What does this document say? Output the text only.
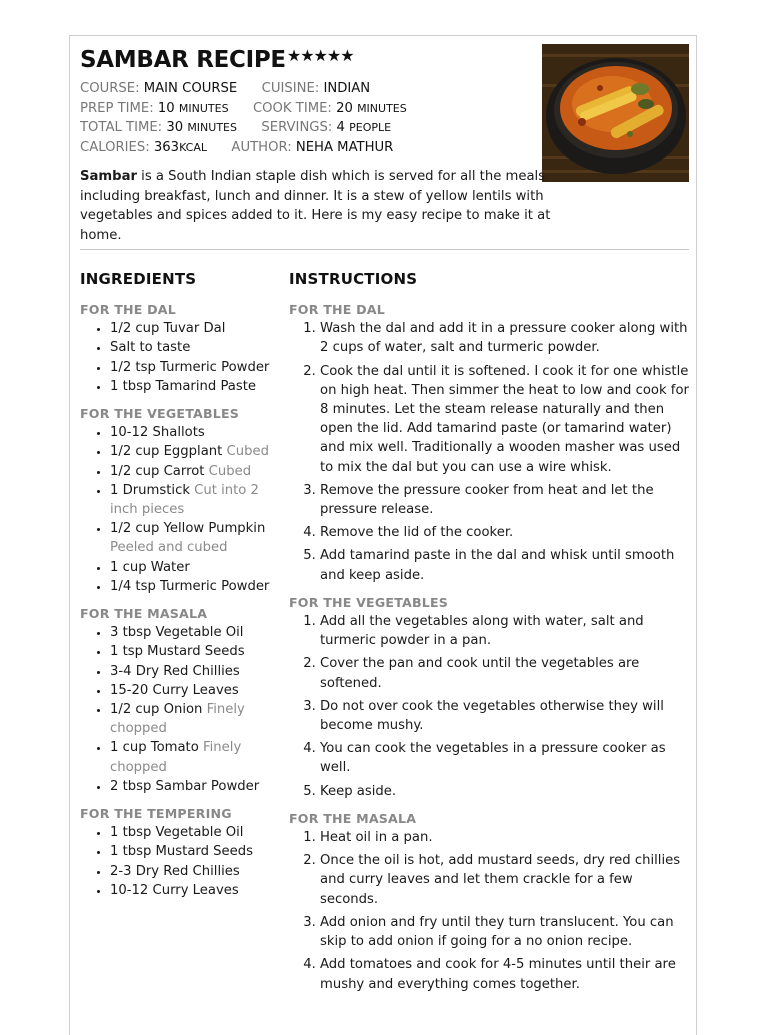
SAMBAR RECIPE★★★★★
COURSE: MAIN COURSE CUISINE: INDIAN
PREP TIME: 10 MINUTES COOK TIME: 20 MINUTES
TOTAL TIME: 30 MINUTES SERVINGS: 4 PEOPLE
CALORIES: 363KCAL AUTHOR: NEHA MATHUR
Sambar is a South Indian staple dish which is served for all the meals including breakfast, lunch and dinner. It is a stew of yellow lentils with vegetables and spices added to it. Here is my easy recipe to make it at home.
INGREDIENTS	INSTRUCTIONS
FOR THE DAL
• 1/2 cup Tuvar Dal
• Salt to taste
• 1/2 tsp Turmeric Powder
• 1 tbsp Tamarind Paste
FOR THE VEGETABLES
• 10-12 Shallots
• 1/2 cup Eggplant Cubed
• 1/2 cup Carrot Cubed
• 1 Drumstick Cut into 2 inch pieces
• 1/2 cup Yellow Pumpkin Peeled and cubed
• 1 cup Water
• 1/4 tsp Turmeric Powder
FOR THE MASALA
• 3 tbsp Vegetable Oil
• 1 tsp Mustard Seeds
• 3-4 Dry Red Chillies
• 15-20 Curry Leaves
• 1/2 cup Onion Finely chopped
• 1 cup Tomato Finely chopped
• 2 tbsp Sambar Powder
FOR THE TEMPERING
• 1 tbsp Vegetable Oil
• 1 tbsp Mustard Seeds
• 2-3 Dry Red Chillies
• 10-12 Curry Leaves
FOR THE DAL
1. Wash the dal and add it in a pressure cooker along with 2 cups of water, salt and turmeric powder.
2. Cook the dal until it is softened. I cook it for one whistle on high heat. Then simmer the heat to low and cook for 8 minutes. Let the steam release naturally and then open the lid. Add tamarind paste (or tamarind water) and mix well. Traditionally a wooden masher was used to mix the dal but you can use a wire whisk.
3. Remove the pressure cooker from heat and let the pressure release.
4. Remove the lid of the cooker.
5. Add tamarind paste in the dal and whisk until smooth and keep aside.
FOR THE VEGETABLES
1. Add all the vegetables along with water, salt and turmeric powder in a pan.
2. Cover the pan and cook until the vegetables are softened.
3. Do not over cook the vegetables otherwise they will become mushy.
4. You can cook the vegetables in a pressure cooker as well.
5. Keep aside.
FOR THE MASALA
1. Heat oil in a pan.
2. Once the oil is hot, add mustard seeds, dry red chillies and curry leaves and let them crackle for a few seconds.
3. Add onion and fry until they turn translucent. You can skip to add onion if going for a no onion recipe.
4. Add tomatoes and cook for 4-5 minutes until their are mushy and everything comes together.
